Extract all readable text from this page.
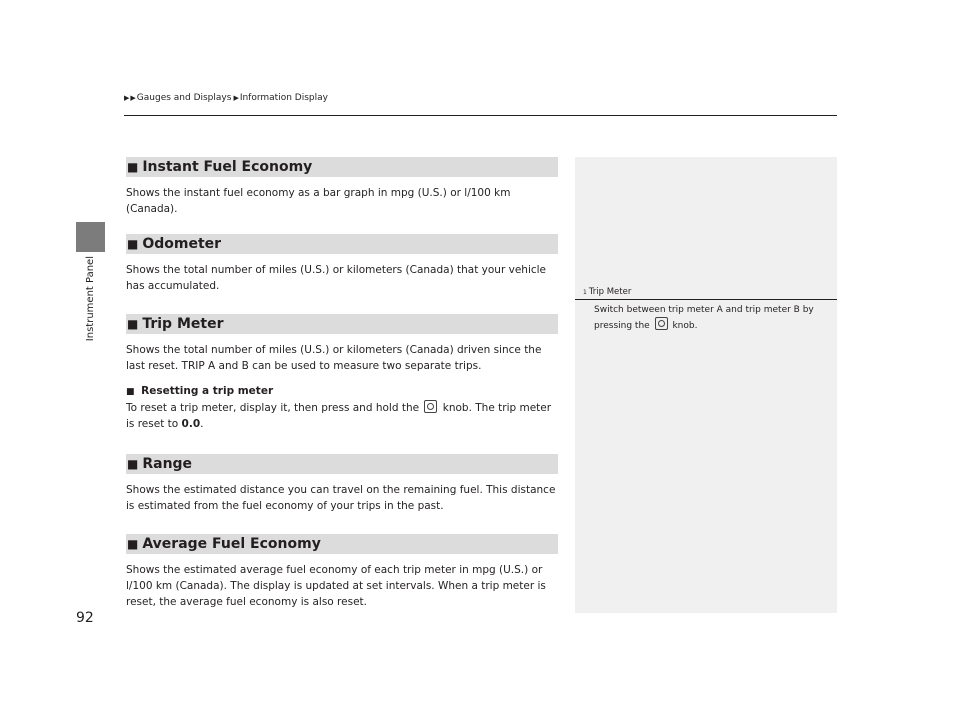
Instrument Panel
▶ ▶ Gauges and Displays ▶ Information Display
■ Instant Fuel Economy

Shows the instant fuel economy as a bar graph in mpg (U.S.) or l/100 km (Canada).

■ Odometer

Shows the total number of miles (U.S.) or kilometers (Canada) that your vehicle has accumulated.

■ Trip Meter

Shows the total number of miles (U.S.) or kilometers (Canada) driven since the last reset. TRIP A and B can be used to measure two separate trips.

■ Resetting a trip meter

To reset a trip meter, display it, then press and hold the knob. The trip meter is reset to 0.0.

■ Range

Shows the estimated distance you can travel on the remaining fuel. This distance is estimated from the fuel economy of your trips in the past.

■ Average Fuel Economy

Shows the estimated average fuel economy of each trip meter in mpg (U.S.) or l/100 km (Canada). The display is updated at set intervals. When a trip meter is reset, the average fuel economy is also reset.

1 Trip Meter
Switch between trip meter A and trip meter B by pressing the	knob.
92
